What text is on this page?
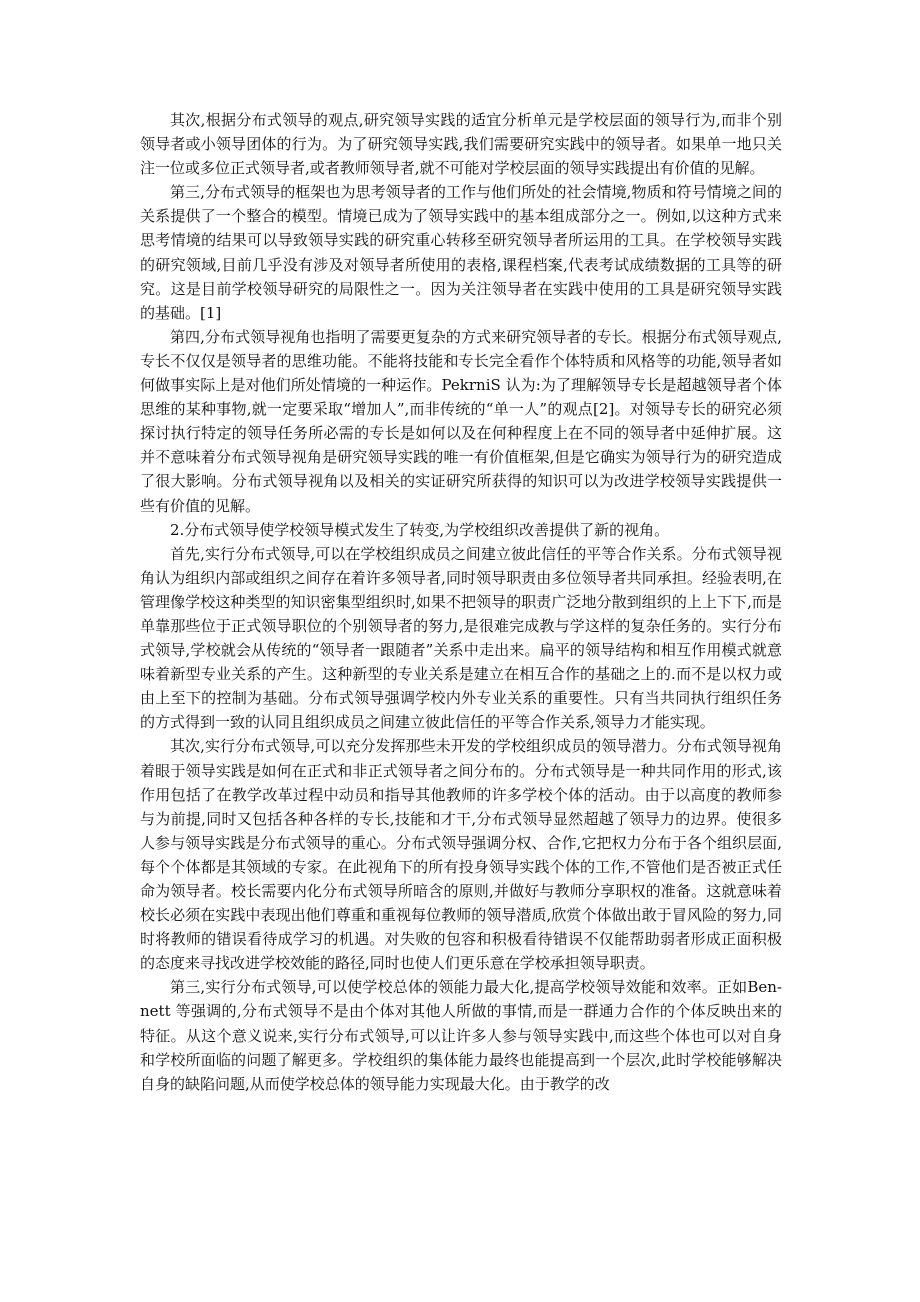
其次,根据分布式领导的观点,研究领导实践的适宜分析单元是学校层面的领导行为,而非个别领导者或小领导团体的行为。为了研究领导实践,我们需要研究实践中的领导者。如果单一地只关注一位或多位正式领导者,或者教师领导者,就不可能对学校层面的领导实践提出有价值的见解。

第三,分布式领导的框架也为思考领导者的工作与他们所处的社会情境,物质和符号情境之间的关系提供了一个整合的模型。情境已成为了领导实践中的基本组成部分之一。例如,以这种方式来思考情境的结果可以导致领导实践的研究重心转移至研究领导者所运用的工具。在学校领导实践的研究领域,目前几乎没有涉及对领导者所使用的表格,课程档案,代表考试成绩数据的工具等的研究。这是目前学校领导研究的局限性之一。因为关注领导者在实践中使用的工具是研究领导实践的基础。[1]

第四,分布式领导视角也指明了需要更复杂的方式来研究领导者的专长。根据分布式领导观点,专长不仅仅是领导者的思维功能。不能将技能和专长完全看作个体特质和风格等的功能,领导者如何做事实际上是对他们所处情境的一种运作。PekrniS 认为:为了理解领导专长是超越领导者个体思维的某种事物,就一定要采取“增加人”,而非传统的“单一人”的观点[2]。对领导专长的研究必须探讨执行特定的领导任务所必需的专长是如何以及在何种程度上在不同的领导者中延伸扩展。这并不意味着分布式领导视角是研究领导实践的唯一有价值框架,但是它确实为领导行为的研究造成了很大影响。分布式领导视角以及相关的实证研究所获得的知识可以为改进学校领导实践提供一些有价值的见解。

2.分布式领导使学校领导模式发生了转变,为学校组织改善提供了新的视角。

首先,实行分布式领导,可以在学校组织成员之间建立彼此信任的平等合作关系。分布式领导视角认为组织内部或组织之间存在着许多领导者,同时领导职责由多位领导者共同承担。经验表明,在管理像学校这种类型的知识密集型组织时,如果不把领导的职责广泛地分散到组织的上上下下,而是单靠那些位于正式领导职位的个别领导者的努力,是很难完成教与学这样的复杂任务的。实行分布式领导,学校就会从传统的“领导者一跟随者”关系中走出来。扁平的领导结构和相互作用模式就意味着新型专业关系的产生。这种新型的专业关系是建立在相互合作的基础之上的.而不是以权力或由上至下的控制为基础。分布式领导强调学校内外专业关系的重要性。只有当共同执行组织任务的方式得到一致的认同且组织成员之间建立彼此信任的平等合作关系,领导力才能实现。

其次,实行分布式领导,可以充分发挥那些未开发的学校组织成员的领导潜力。分布式领导视角着眼于领导实践是如何在正式和非正式领导者之间分布的。分布式领导是一种共同作用的形式,该作用包括了在教学改革过程中动员和指导其他教师的许多学校个体的活动。由于以高度的教师参与为前提,同时又包括各种各样的专长,技能和才干,分布式领导显然超越了领导力的边界。使很多人参与领导实践是分布式领导的重心。分布式领导强调分权、合作,它把权力分布于各个组织层面,每个个体都是其领域的专家。在此视角下的所有投身领导实践个体的工作,不管他们是否被正式任命为领导者。校长需要内化分布式领导所暗含的原则,并做好与教师分享职权的准备。这就意味着校长必须在实践中表现出他们尊重和重视每位教师的领导潜质,欣赏个体做出敢于冒风险的努力,同时将教师的错误看待成学习的机遇。对失败的包容和积极看待错误不仅能帮助弱者形成正面积极的态度来寻找改进学校效能的路径,同时也使人们更乐意在学校承担领导职责。

第三,实行分布式领导,可以使学校总体的领能力最大化,提高学校领导效能和效率。正如Ben-nett 等强调的,分布式领导不是由个体对其他人所做的事情,而是一群通力合作的个体反映出来的特征。从这个意义说来,实行分布式领导,可以让许多人参与领导实践中,而这些个体也可以对自身和学校所面临的问题了解更多。学校组织的集体能力最终也能提高到一个层次,此时学校能够解决自身的缺陷问题,从而使学校总体的领导能力实现最大化。由于教学的改
